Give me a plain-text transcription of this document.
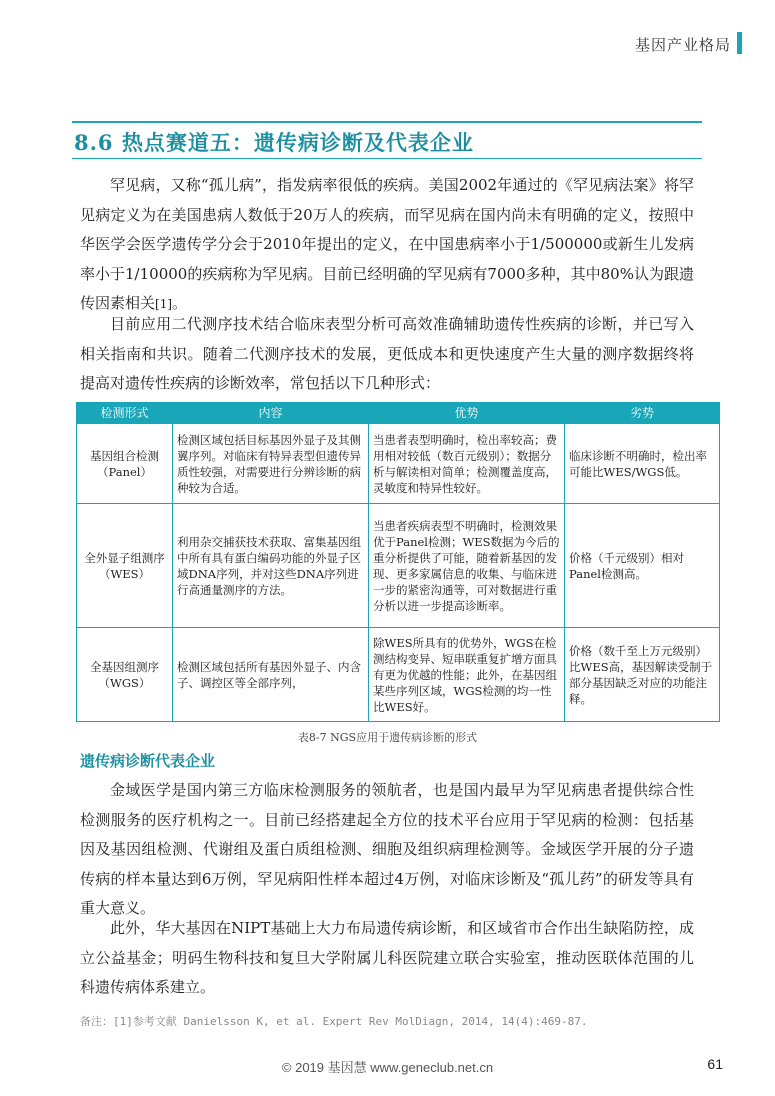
基因产业格局
8.6 热点赛道五：遗传病诊断及代表企业

罕见病，又称“孤儿病”，指发病率很低的疾病。美国2002年通过的《罕见病法案》将罕见病定义为在美国患病人数低于20万人的疾病，而罕见病在国内尚未有明确的定义，按照中华医学会医学遗传学分会于2010年提出的定义，在中国患病率小于1/500000或新生儿发病率小于1/10000的疾病称为罕见病。目前已经明确的罕见病有7000多种，其中80%认为跟遗传因素相关[1]。

目前应用二代测序技术结合临床表型分析可高效准确辅助遗传性疾病的诊断，并已写入相关指南和共识。随着二代测序技术的发展，更低成本和更快速度产生大量的测序数据终将提高对遗传性疾病的诊断效率，常包括以下几种形式：

检测形式	内容	优势	劣势
基因组合检测（Panel）	检测区域包括目标基因外显子及其侧翼序列。对临床有特异表型但遗传异质性较强，对需要进行分辨诊断的病种较为合适。	当患者表型明确时，检出率较高；费用相对较低（数百元级别）；数据分析与解读相对简单；检测覆盖度高，灵敏度和特异性较好。	临床诊断不明确时，检出率可能比WES/WGS低。
全外显子组测序（WES）	利用杂交捕获技术获取、富集基因组中所有具有蛋白编码功能的外显子区域DNA序列，并对这些DNA序列进行高通量测序的方法。	当患者疾病表型不明确时，检测效果优于Panel检测；WES数据为今后的重分析提供了可能，随着新基因的发现、更多家属信息的收集、与临床进一步的紧密沟通等，可对数据进行重分析以进一步提高诊断率。	价格（千元级别）相对Panel检测高。
全基因组测序（WGS）	检测区域包括所有基因外显子、内含子、调控区等全部序列，	除WES所具有的优势外，WGS在检测结构变异、短串联重复扩增方面具有更为优越的性能；此外，在基因组某些序列区域，WGS检测的均一性比WES好。	价格（数千至上万元级别）比WES高，基因解读受制于部分基因缺乏对应的功能注释。
表8-7 NGS应用于遗传病诊断的形式
遗传病诊断代表企业

金域医学是国内第三方临床检测服务的领航者，也是国内最早为罕见病患者提供综合性检测服务的医疗机构之一。目前已经搭建起全方位的技术平台应用于罕见病的检测：包括基因及基因组检测、代谢组及蛋白质组检测、细胞及组织病理检测等。金域医学开展的分子遗传病的样本量达到6万例，罕见病阳性样本超过4万例，对临床诊断及“孤儿药”的研发等具有重大意义。

此外，华大基因在NIPT基础上大力布局遗传病诊断，和区域省市合作出生缺陷防控，成立公益基金；明码生物科技和复旦大学附属儿科医院建立联合实验室，推动医联体范围的儿科遗传病体系建立。

备注：[1]参考文献 Danielsson K, et al. Expert Rev MolDiagn, 2014, 14(4):469-87.
© 2019 基因慧 www.geneclub.net.cn	61
